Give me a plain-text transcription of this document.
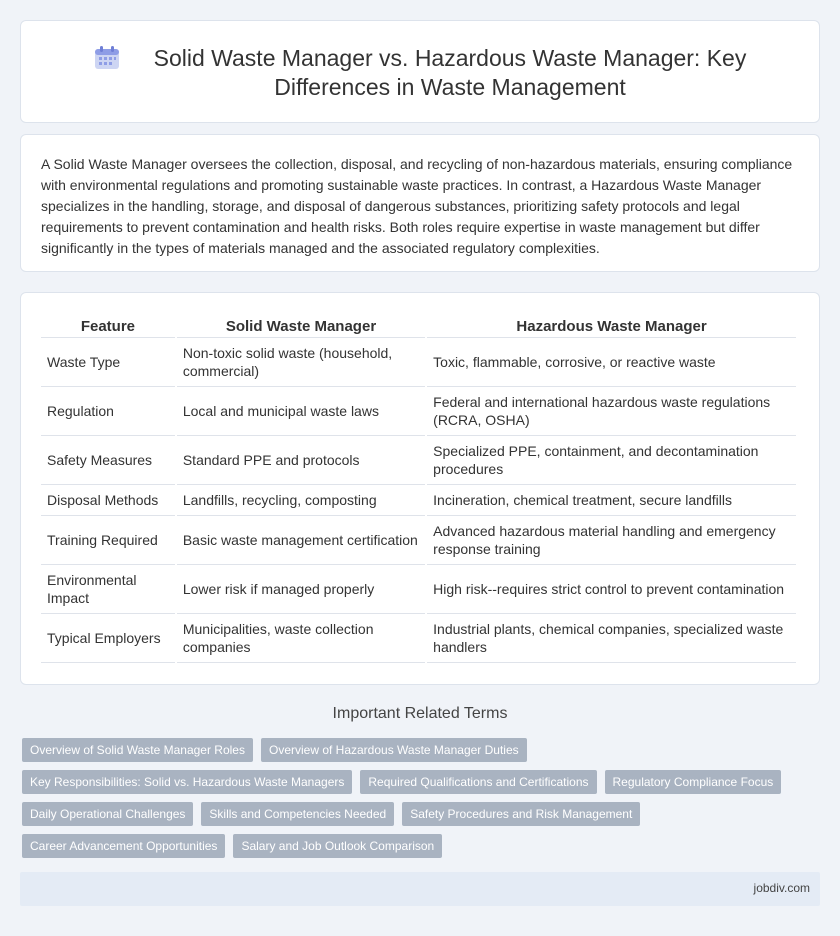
Solid Waste Manager vs. Hazardous Waste Manager: Key Differences in Waste Management

A Solid Waste Manager oversees the collection, disposal, and recycling of non-hazardous materials, ensuring compliance with environmental regulations and promoting sustainable waste practices. In contrast, a Hazardous Waste Manager specializes in the handling, storage, and disposal of dangerous substances, prioritizing safety protocols and legal requirements to prevent contamination and health risks. Both roles require expertise in waste management but differ significantly in the types of materials managed and the associated regulatory complexities.

Feature	Solid Waste Manager	Hazardous Waste Manager
Waste Type	Non-toxic solid waste (household, commercial)	Toxic, flammable, corrosive, or reactive waste
Regulation	Local and municipal waste laws	Federal and international hazardous waste regulations (RCRA, OSHA)
Safety Measures	Standard PPE and protocols	Specialized PPE, containment, and decontamination procedures
Disposal Methods	Landfills, recycling, composting	Incineration, chemical treatment, secure landfills
Training Required	Basic waste management certification	Advanced hazardous material handling and emergency response training
Environmental Impact	Lower risk if managed properly	High risk--requires strict control to prevent contamination
Typical Employers	Municipalities, waste collection companies	Industrial plants, chemical companies, specialized waste handlers
Important Related Terms
Overview of Solid Waste Manager Roles	Overview of Hazardous Waste Manager Duties
Key Responsibilities: Solid vs. Hazardous Waste Managers	Required Qualifications and Certifications	Regulatory Compliance Focus
Daily Operational Challenges	Skills and Competencies Needed	Safety Procedures and Risk Management
Career Advancement Opportunities	Salary and Job Outlook Comparison
jobdiv.com
